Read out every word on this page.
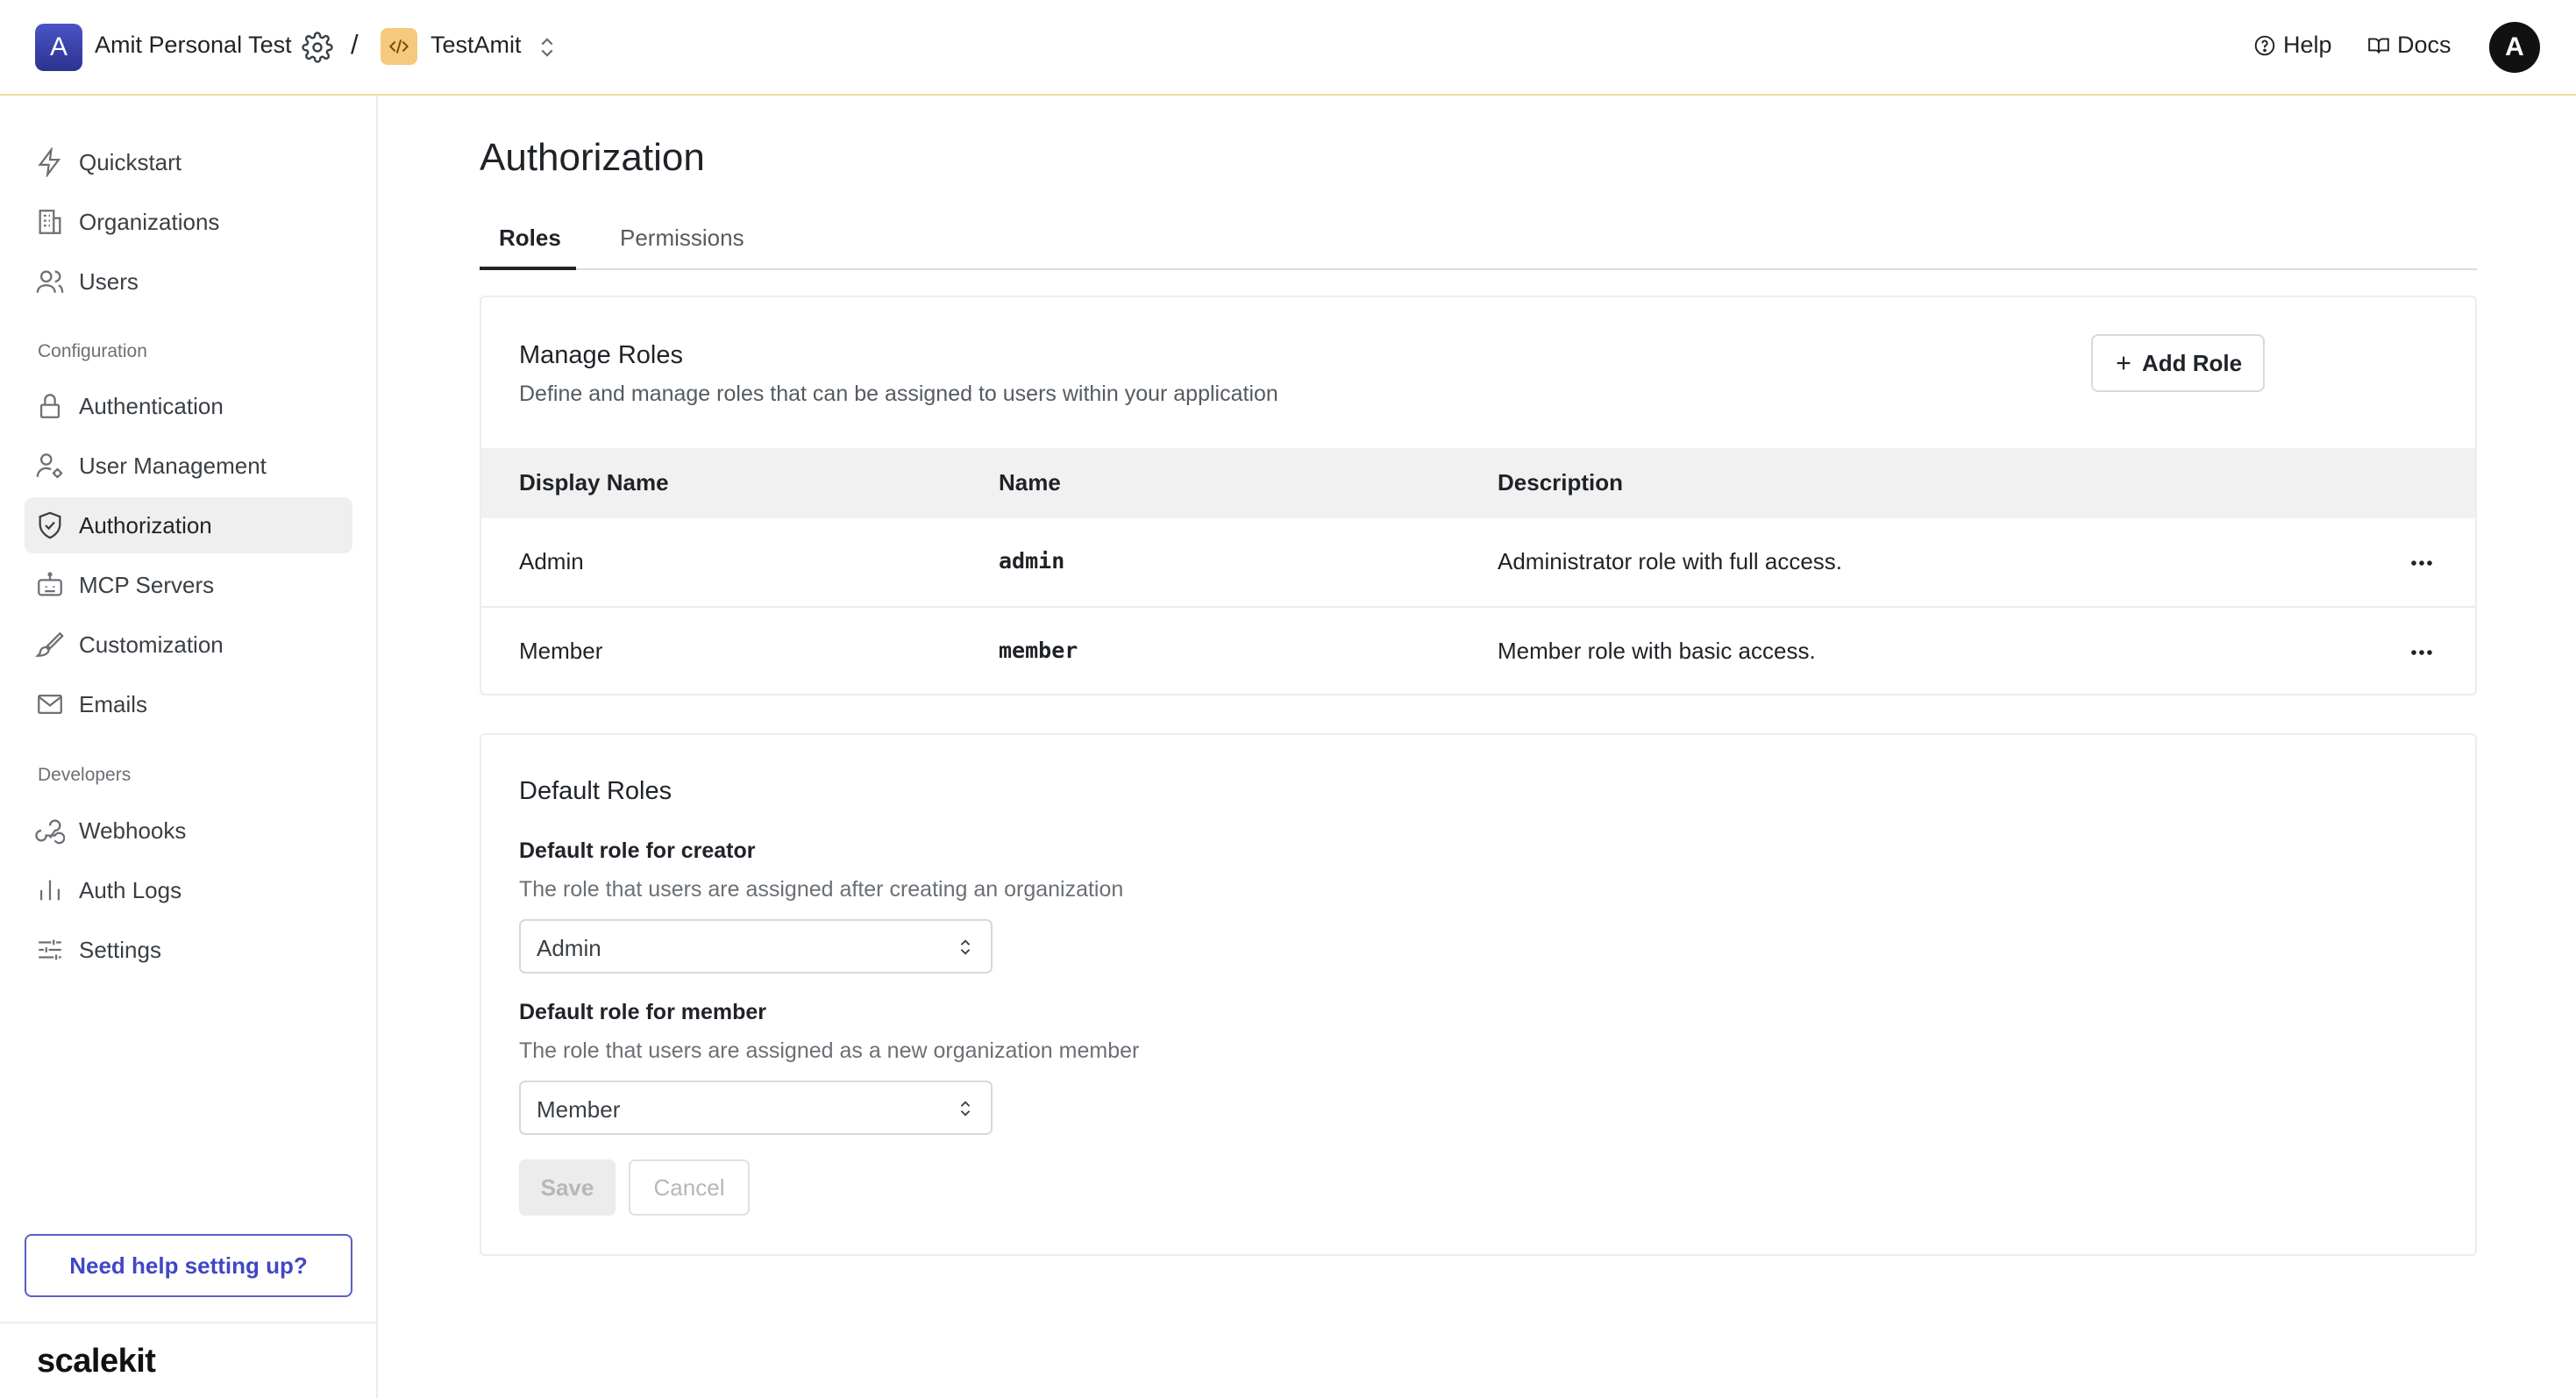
A	Amit Personal Test /	TestAmit	Help	Docs	A
Quickstart
Organizations
Users
Configuration
Authentication
User Management
Authorization
MCP Servers
Customization
Emails
Developers
Webhooks
Auth Logs
Settings
Need help setting up?
scalekit
Authorization
Roles	Permissions
Manage Roles
Define and manage roles that can be assigned to users within your application
Add Role
Display Name	Name	Description
Admin	admin	Administrator role with full access.
Member	member	Member role with basic access.
Default Roles
Default role for creator
The role that users are assigned after creating an organization
Admin
Default role for member
The role that users are assigned as a new organization member
Member
Save	Cancel
